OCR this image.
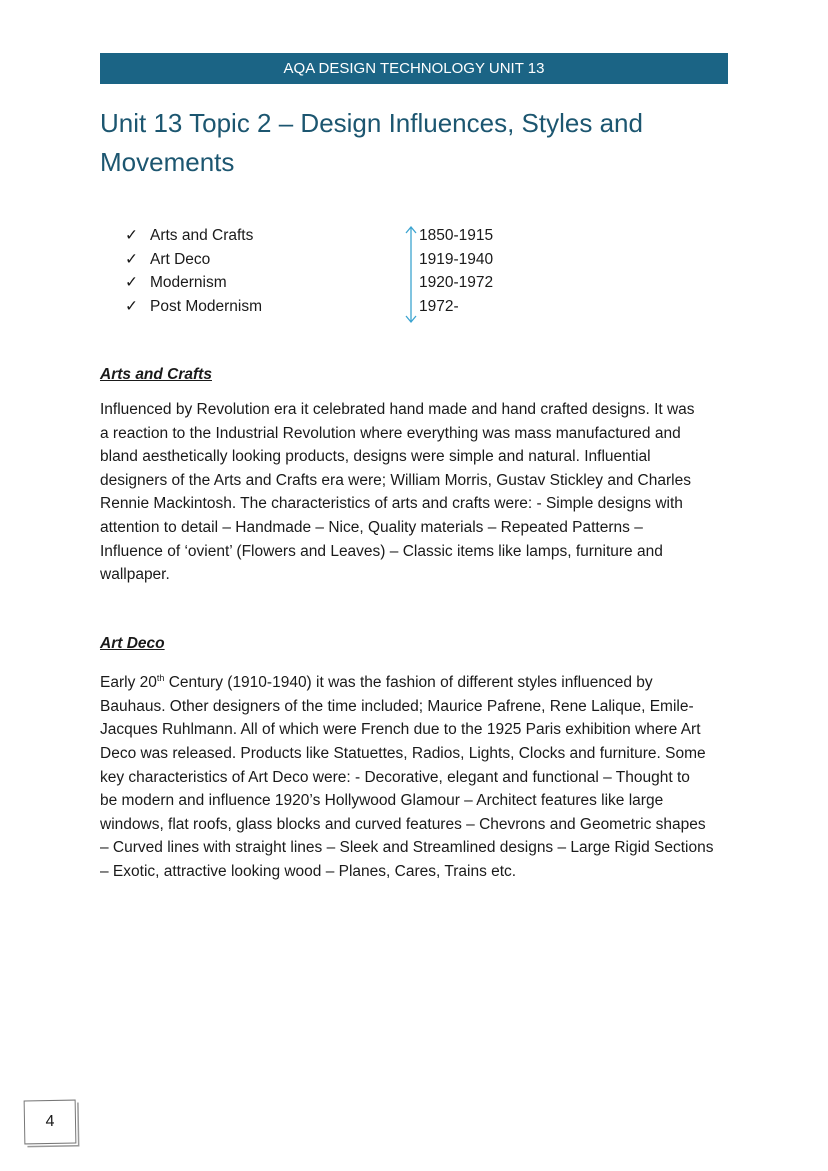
AQA DESIGN TECHNOLOGY UNIT 13
Unit 13 Topic 2 – Design Influences, Styles and
Movements
✓ Arts and Crafts	1850-1915
✓ Art Deco	1919-1940
✓ Modernism	1920-1972
✓ Post Modernism	1972-
Arts and Crafts
Influenced by Revolution era it celebrated hand made and hand crafted designs. It was
a reaction to the Industrial Revolution where everything was mass manufactured and
bland aesthetically looking products, designs were simple and natural. Influential
designers of the Arts and Crafts era were; William Morris, Gustav Stickley and Charles
Rennie Mackintosh. The characteristics of arts and crafts were: - Simple designs with
attention to detail – Handmade – Nice, Quality materials – Repeated Patterns –
Influence of ‘ovient’ (Flowers and Leaves) – Classic items like lamps, furniture and
wallpaper.
Art Deco
Early 20th Century (1910-1940) it was the fashion of different styles influenced by
Bauhaus. Other designers of the time included; Maurice Pafrene, Rene Lalique, Emile-
Jacques Ruhlmann. All of which were French due to the 1925 Paris exhibition where Art
Deco was released. Products like Statuettes, Radios, Lights, Clocks and furniture. Some
key characteristics of Art Deco were: - Decorative, elegant and functional – Thought to
be modern and influence 1920’s Hollywood Glamour – Architect features like large
windows, flat roofs, glass blocks and curved features – Chevrons and Geometric shapes
– Curved lines with straight lines – Sleek and Streamlined designs – Large Rigid Sections
– Exotic, attractive looking wood – Planes, Cares, Trains etc.
4
